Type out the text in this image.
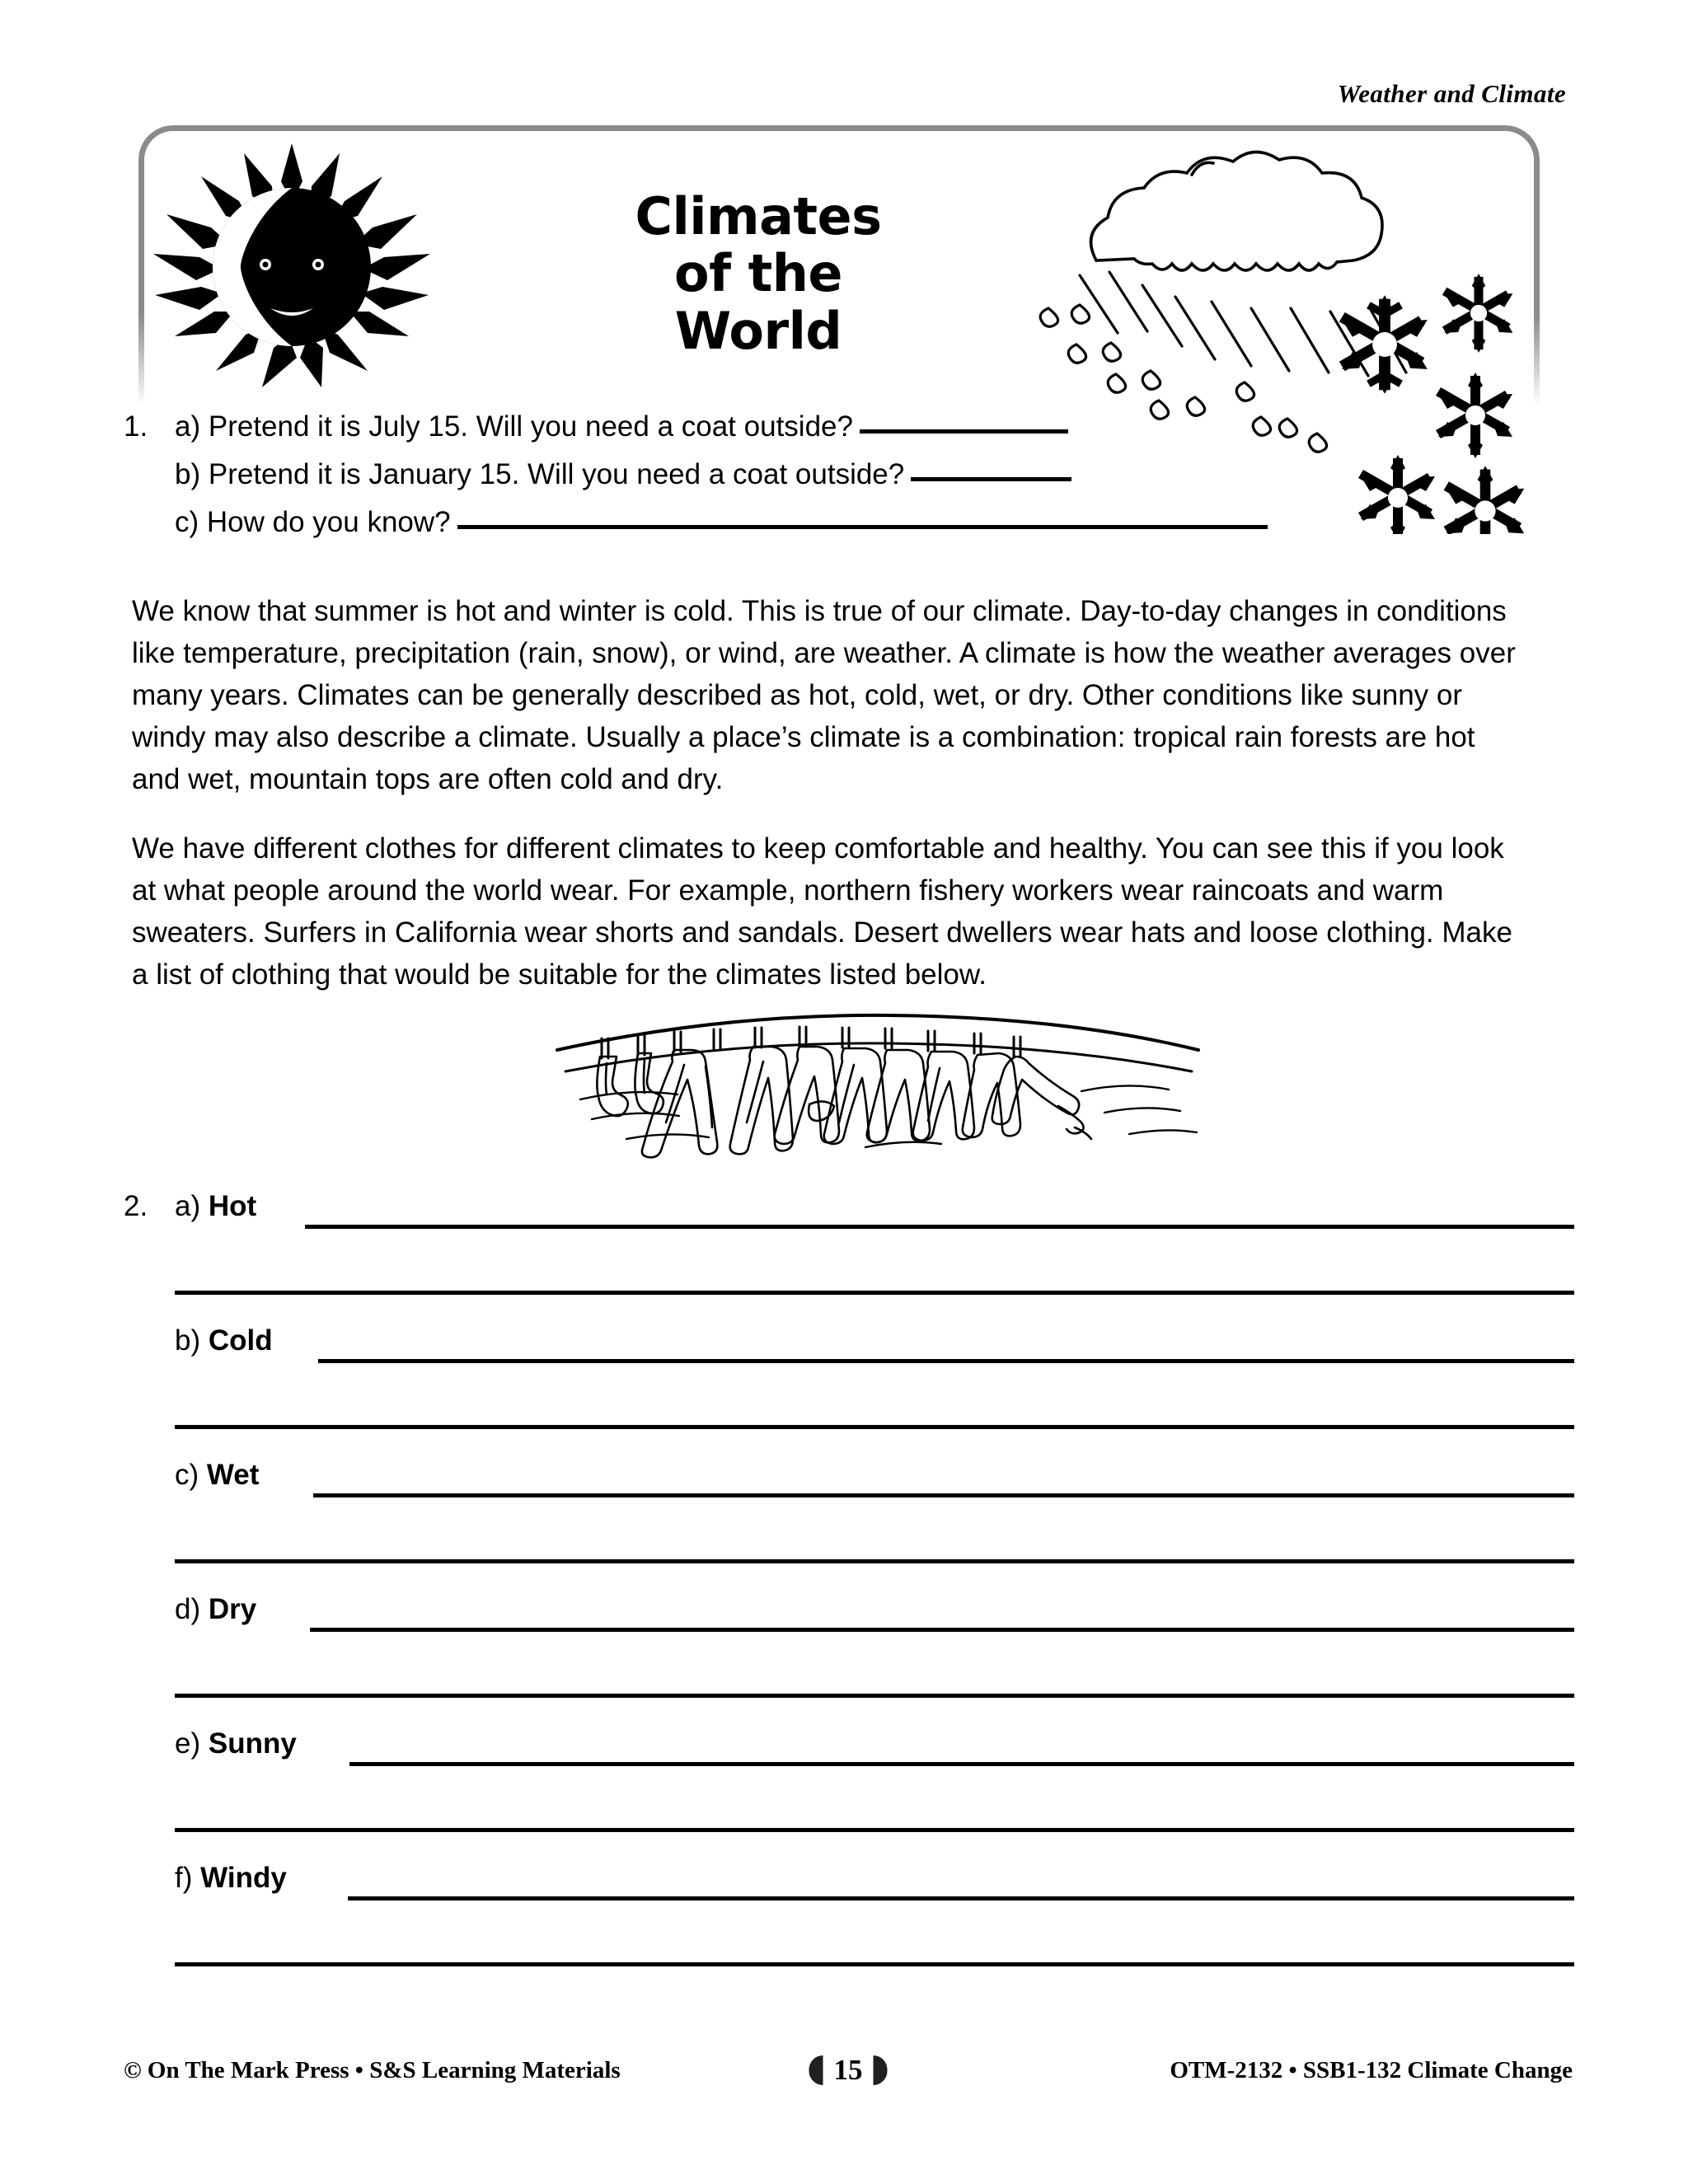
Weather and Climate
Climates
of the
World
1. a) Pretend it is July 15. Will you need a coat outside?
b) Pretend it is January 15. Will you need a coat outside?
c) How do you know?
We know that summer is hot and winter is cold. This is true of our climate. Day-to-day changes in conditions like temperature, precipitation (rain, snow), or wind, are weather. A climate is how the weather averages over many years. Climates can be generally described as hot, cold, wet, or dry. Other conditions like sunny or windy may also describe a climate. Usually a place’s climate is a combination: tropical rain forests are hot and wet, mountain tops are often cold and dry.
We have different clothes for different climates to keep comfortable and healthy. You can see this if you look at what people around the world wear. For example, northern fishery workers wear raincoats and warm sweaters. Surfers in California wear shorts and sandals. Desert dwellers wear hats and loose clothing. Make a list of clothing that would be suitable for the climates listed below.
2. a) Hot
b) Cold
c) Wet
d) Dry
e) Sunny
f) Windy
© On The Mark Press • S&S Learning Materials	15	OTM-2132 • SSB1-132 Climate Change
